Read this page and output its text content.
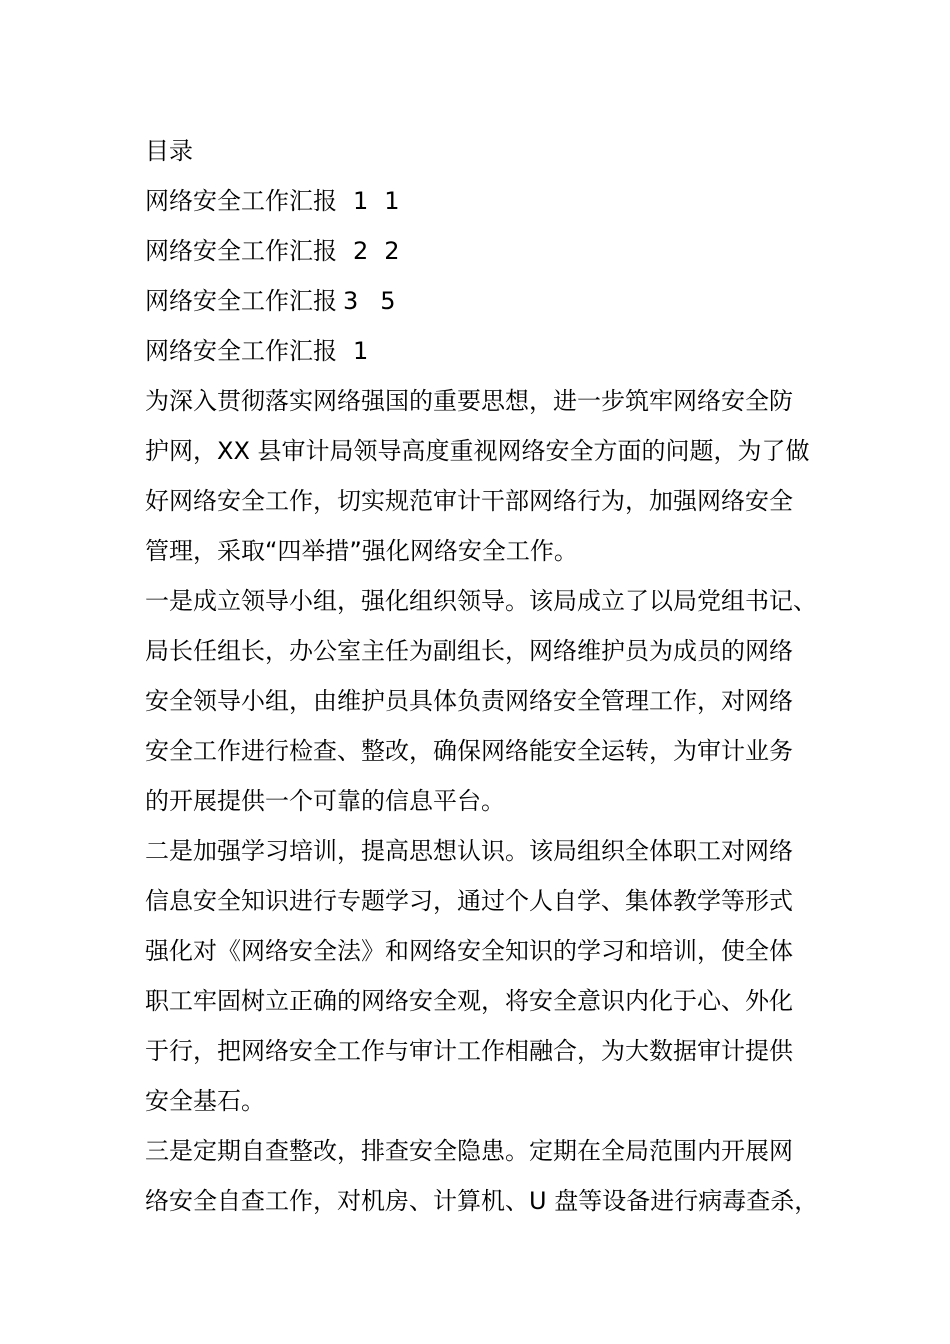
目录
网络安全工作汇报 1 1
网络安全工作汇报 2 2
网络安全工作汇报 3 5
网络安全工作汇报 1
为深入贯彻落实网络强国的重要思想，进一步筑牢网络安全防
护网，XX 县审计局领导高度重视网络安全方面的问题，为了做
好网络安全工作，切实规范审计干部网络行为，加强网络安全
管理，采取“四举措”强化网络安全工作。
一是成立领导小组，强化组织领导。该局成立了以局党组书记、
局长任组长，办公室主任为副组长，网络维护员为成员的网络
安全领导小组，由维护员具体负责网络安全管理工作，对网络
安全工作进行检查、整改，确保网络能安全运转，为审计业务
的开展提供一个可靠的信息平台。
二是加强学习培训，提高思想认识。该局组织全体职工对网络
信息安全知识进行专题学习，通过个人自学、集体教学等形式
强化对《网络安全法》和网络安全知识的学习和培训，使全体
职工牢固树立正确的网络安全观，将安全意识内化于心、外化
于行，把网络安全工作与审计工作相融合，为大数据审计提供
安全基石。
三是定期自查整改，排查安全隐患。定期在全局范围内开展网
络安全自查工作，对机房、计算机、U 盘等设备进行病毒查杀，
